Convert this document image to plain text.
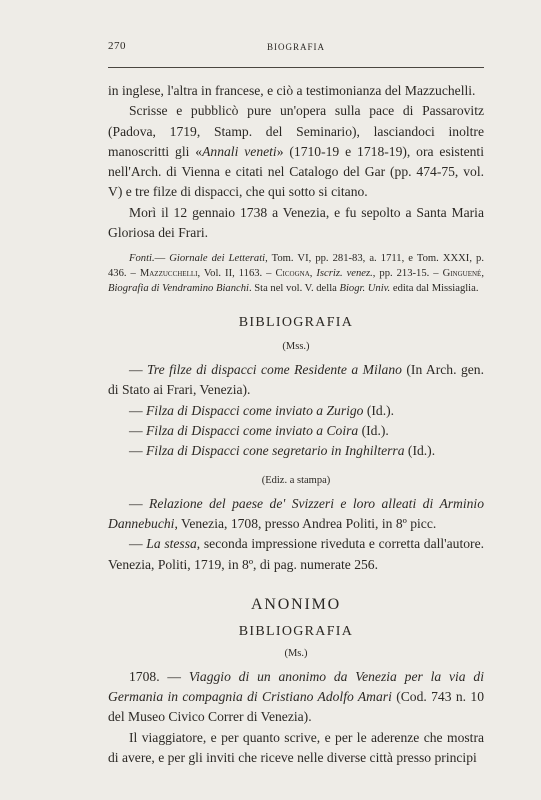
270	BIOGRAFIA

in inglese, l'altra in francese, e ciò a testimonianza del Mazzuchelli.

Scrisse e pubblicò pure un'opera sulla pace di Passarovitz (Padova, 1719, Stamp. del Seminario), lasciandoci inoltre manoscritti gli «Annali veneti» (1710-19 e 1718-19), ora esistenti nell'Arch. di Vienna e citati nel Catalogo del Gar (pp. 474-75, vol. V) e tre filze di dispacci, che qui sotto si citano.

Morì il 12 gennaio 1738 a Venezia, e fu sepolto a Santa Maria Gloriosa dei Frari.

Fonti.— Giornale dei Letterati, Tom. VI, pp. 281-83, a. 1711, e Tom. XXXI, p. 436. – Mazzucchelli, Vol. II, 1163. – Cicogna, Iscriz. venez., pp. 213-15. – Ginguené, Biografia di Vendramino Bianchi. Sta nel vol. V. della Biogr. Univ. edita dal Missiaglia.

BIBLIOGRAFIA
(Mss.)

— Tre filze di dispacci come Residente a Milano (In Arch. gen. di Stato ai Frari, Venezia).

— Filza di Dispacci come inviato a Zurigo (Id.).

— Filza di Dispacci come inviato a Coira (Id.).

— Filza di Dispacci cone segretario in Inghilterra (Id.).

(Ediz. a stampa)

— Relazione del paese de' Svizzeri e loro alleati di Arminio Dannebuchi, Venezia, 1708, presso Andrea Politi, in 8º picc.

— La stessa, seconda impressione riveduta e corretta dall'autore. Venezia, Politi, 1719, in 8º, di pag. numerate 256.

ANONIMO
BIBLIOGRAFIA
(Ms.)

1708. — Viaggio di un anonimo da Venezia per la via di Germania in compagnia di Cristiano Adolfo Amari (Cod. 743 n. 10 del Museo Civico Correr di Venezia).

Il viaggiatore, e per quanto scrive, e per le aderenze che mostra di avere, e per gli inviti che riceve nelle diverse città presso principi
